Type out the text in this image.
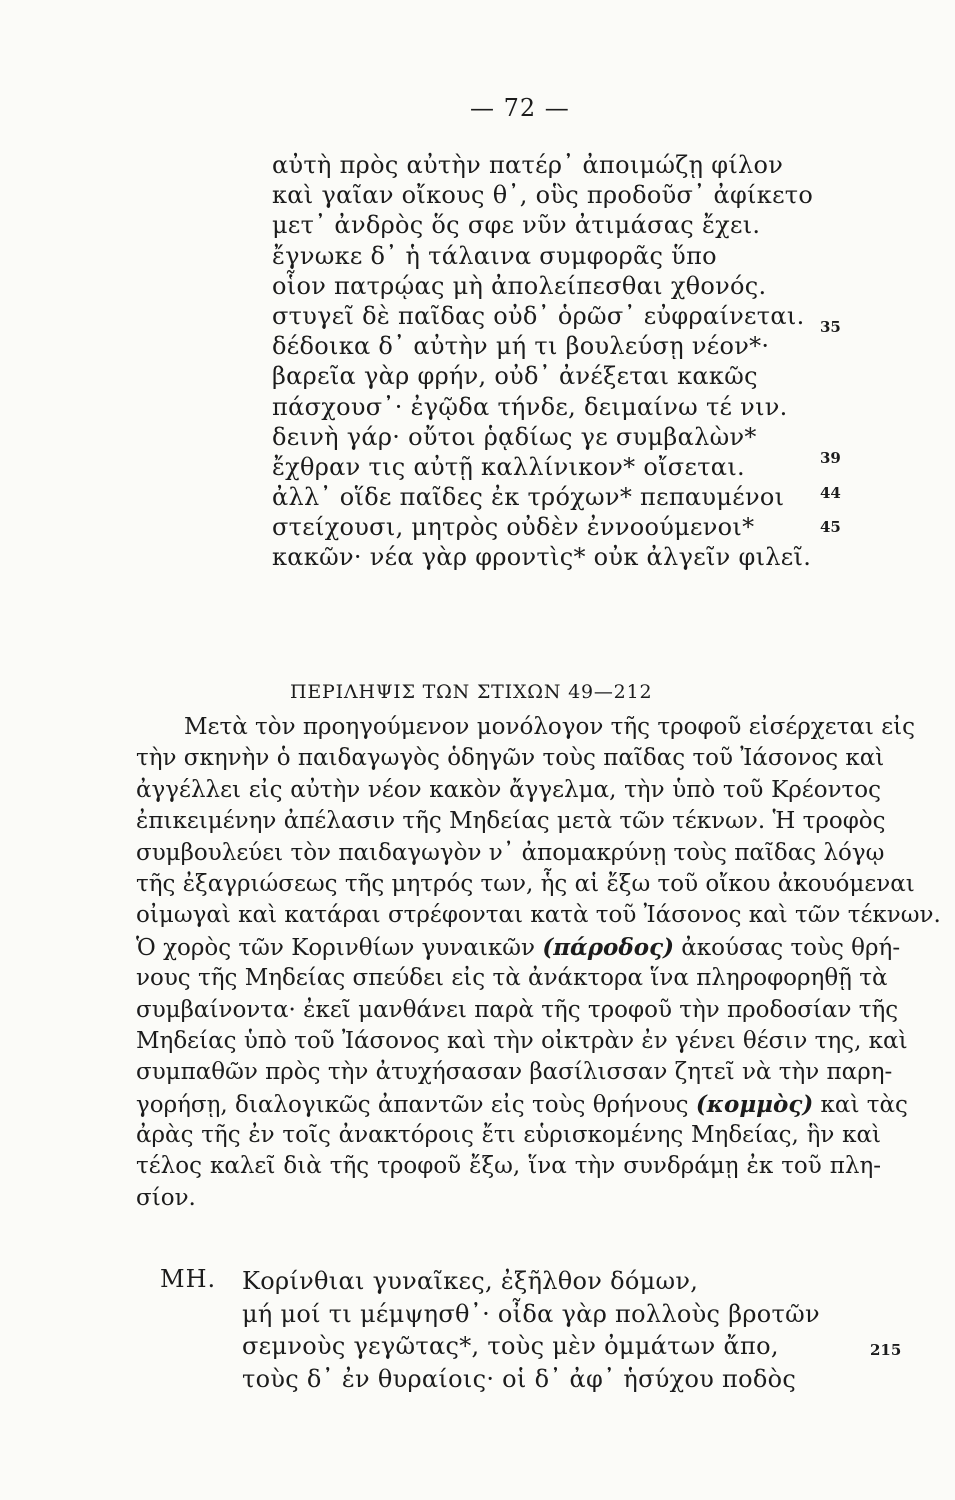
— 72 —
αὐτὴ πρὸς αὐτὴν πατέρ᾽ ἀποιμώζῃ φίλον
καὶ γαῖαν οἴκους θ᾽, οὓς προδοῦσ᾽ ἀφίκετο
μετ᾽ ἀνδρὸς ὅς σφε νῦν ἀτιμάσας ἔχει.
ἔγνωκε δ᾽ ἡ τάλαινα συμφορᾶς ὕπο
οἷον πατρῴας μὴ ἀπολείπεσθαι χθονός.
στυγεῖ δὲ παῖδας οὐδ᾽ ὁρῶσ᾽ εὐφραίνεται.
δέδοικα δ᾽ αὐτὴν μή τι βουλεύσῃ νέον*·
βαρεῖα γὰρ φρήν, οὐδ᾽ ἀνέξεται κακῶς
πάσχουσ᾽· ἐγῷδα τήνδε, δειμαίνω τέ νιν.
δεινὴ γάρ· οὔτοι ῥᾳδίως γε συμβαλὼν*
ἔχθραν τις αὐτῇ καλλίνικον* οἴσεται.
ἀλλ᾽ οἵδε παῖδες ἐκ τρόχων* πεπαυμένοι
στείχουσι, μητρὸς οὐδὲν ἐννοούμενοι*
κακῶν· νέα γὰρ φροντὶς* οὐκ ἀλγεῖν φιλεῖ.
35
39
44
45
ΠΕΡΙΛΗΨΙΣ ΤΩΝ ΣΤΙΧΩΝ 49—212
Μετὰ τὸν προηγούμενον μονόλογον τῆς τροφοῦ εἰσέρχεται εἰς
τὴν σκηνὴν ὁ παιδαγωγὸς ὁδηγῶν τοὺς παῖδας τοῦ Ἰάσονος καὶ
ἀγγέλλει εἰς αὐτὴν νέον κακὸν ἄγγελμα, τὴν ὑπὸ τοῦ Κρέοντος
ἐπικειμένην ἀπέλασιν τῆς Μηδείας μετὰ τῶν τέκνων. Ἡ τροφὸς
συμβουλεύει τὸν παιδαγωγὸν ν᾽ ἀπομακρύνῃ τοὺς παῖδας λόγῳ
τῆς ἐξαγριώσεως τῆς μητρός των, ἧς αἱ ἔξω τοῦ οἴκου ἀκουόμεναι
οἰμωγαὶ καὶ κατάραι στρέφονται κατὰ τοῦ Ἰάσονος καὶ τῶν τέκνων.
Ὁ χορὸς τῶν Κορινθίων γυναικῶν (πάροδος) ἀκούσας τοὺς θρή-
νους τῆς Μηδείας σπεύδει εἰς τὰ ἀνάκτορα ἵνα πληροφορηθῇ τὰ
συμβαίνοντα· ἐκεῖ μανθάνει παρὰ τῆς τροφοῦ τὴν προδοσίαν τῆς
Μηδείας ὑπὸ τοῦ Ἰάσονος καὶ τὴν οἰκτρὰν ἐν γένει θέσιν της, καὶ
συμπαθῶν πρὸς τὴν ἀτυχήσασαν βασίλισσαν ζητεῖ νὰ τὴν παρη-
γορήσῃ, διαλογικῶς ἀπαντῶν εἰς τοὺς θρήνους (κομμὸς) καὶ τὰς
ἀρὰς τῆς ἐν τοῖς ἀνακτόροις ἔτι εὑρισκομένης Μηδείας, ἣν καὶ
τέλος καλεῖ διὰ τῆς τροφοῦ ἔξω, ἵνα τὴν συνδράμῃ ἐκ τοῦ πλη-
σίον.
ΜΗ. Κορίνθιαι γυναῖκες, ἐξῆλθον δόμων,
μή μοί τι μέμψησθ᾽· οἶδα γὰρ πολλοὺς βροτῶν
σεμνοὺς γεγῶτας*, τοὺς μὲν ὀμμάτων ἄπο,
τοὺς δ᾽ ἐν θυραίοις· οἱ δ᾽ ἀφ᾽ ἡσύχου ποδὸς
215
